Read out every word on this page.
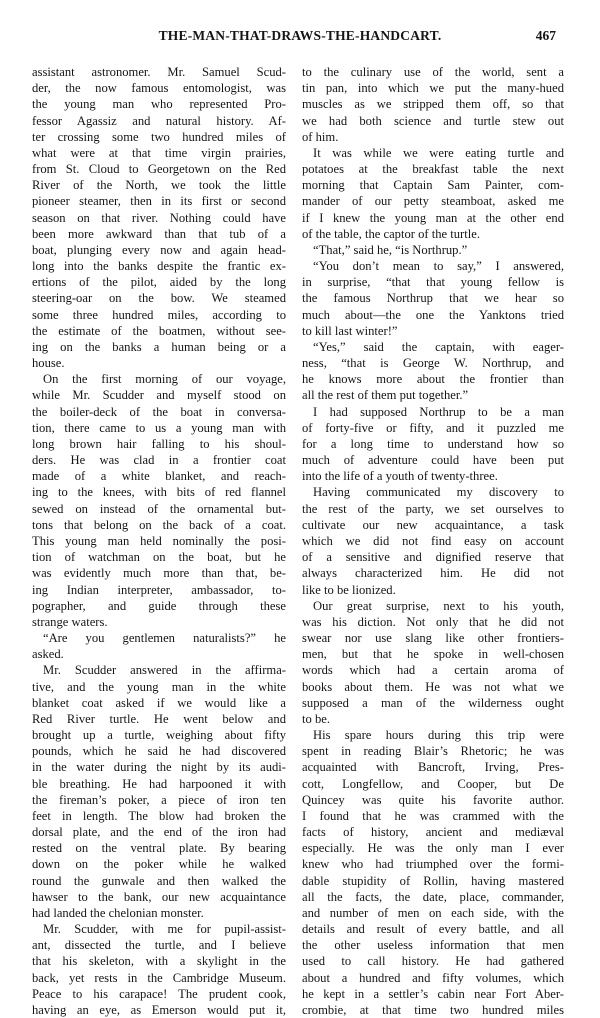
THE-MAN-THAT-DRAWS-THE-HANDCART.	467
assistant astronomer. Mr. Samuel Scud-
der, the now famous entomologist, was
the young man who represented Pro-
fessor Agassiz and natural history. Af-
ter crossing some two hundred miles of
what were at that time virgin prairies,
from St. Cloud to Georgetown on the Red
River of the North, we took the little
pioneer steamer, then in its first or second
season on that river. Nothing could have
been more awkward than that tub of a
boat, plunging every now and again head-
long into the banks despite the frantic ex-
ertions of the pilot, aided by the long
steering-oar on the bow. We steamed
some three hundred miles, according to
the estimate of the boatmen, without see-
ing on the banks a human being or a
house.
On the first morning of our voyage,
while Mr. Scudder and myself stood on
the boiler-deck of the boat in conversa-
tion, there came to us a young man with
long brown hair falling to his shoul-
ders. He was clad in a frontier coat
made of a white blanket, and reach-
ing to the knees, with bits of red flannel
sewed on instead of the ornamental but-
tons that belong on the back of a coat.
This young man held nominally the posi-
tion of watchman on the boat, but he
was evidently much more than that, be-
ing Indian interpreter, ambassador, to-
pographer, and guide through these
strange waters.
“Are you gentlemen naturalists?” he
asked.
Mr. Scudder answered in the affirma-
tive, and the young man in the white
blanket coat asked if we would like a
Red River turtle. He went below and
brought up a turtle, weighing about fifty
pounds, which he said he had discovered
in the water during the night by its audi-
ble breathing. He had harpooned it with
the fireman’s poker, a piece of iron ten
feet in length. The blow had broken the
dorsal plate, and the end of the iron had
rested on the ventral plate. By bearing
down on the poker while he walked
round the gunwale and then walked the
hawser to the bank, our new acquaintance
had landed the chelonian monster.
Mr. Scudder, with me for pupil-assist-
ant, dissected the turtle, and I believe
that his skeleton, with a skylight in the
back, yet rests in the Cambridge Museum.
Peace to his carapace! The prudent cook,
having an eye, as Emerson would put it,
to the culinary use of the world, sent a
tin pan, into which we put the many-hued
muscles as we stripped them off, so that
we had both science and turtle stew out
of him.
It was while we were eating turtle and
potatoes at the breakfast table the next
morning that Captain Sam Painter, com-
mander of our petty steamboat, asked me
if I knew the young man at the other end
of the table, the captor of the turtle.
“That,” said he, “is Northrup.”
“You don’t mean to say,” I answered,
in surprise, “that that young fellow is
the famous Northrup that we hear so
much about—the one the Yanktons tried
to kill last winter!”
“Yes,” said the captain, with eager-
ness, “that is George W. Northrup, and
he knows more about the frontier than
all the rest of them put together.”
I had supposed Northrup to be a man
of forty-five or fifty, and it puzzled me
for a long time to understand how so
much of adventure could have been put
into the life of a youth of twenty-three.
Having communicated my discovery to
the rest of the party, we set ourselves to
cultivate our new acquaintance, a task
which we did not find easy on account
of a sensitive and dignified reserve that
always characterized him. He did not
like to be lionized.
Our great surprise, next to his youth,
was his diction. Not only that he did not
swear nor use slang like other frontiers-
men, but that he spoke in well-chosen
words which had a certain aroma of
books about them. He was not what we
supposed a man of the wilderness ought
to be.
His spare hours during this trip were
spent in reading Blair’s Rhetoric; he was
acquainted with Bancroft, Irving, Pres-
cott, Longfellow, and Cooper, but De
Quincey was quite his favorite author.
I found that he was crammed with the
facts of history, ancient and mediæval
especially. He was the only man I ever
knew who had triumphed over the formi-
dable stupidity of Rollin, having mastered
all the facts, the date, place, commander,
and number of men on each side, with the
details and result of every battle, and all
the other useless information that men
used to call history. He had gathered
about a hundred and fifty volumes, which
he kept in a settler’s cabin near Fort Aber-
crombie, at that time two hundred miles
